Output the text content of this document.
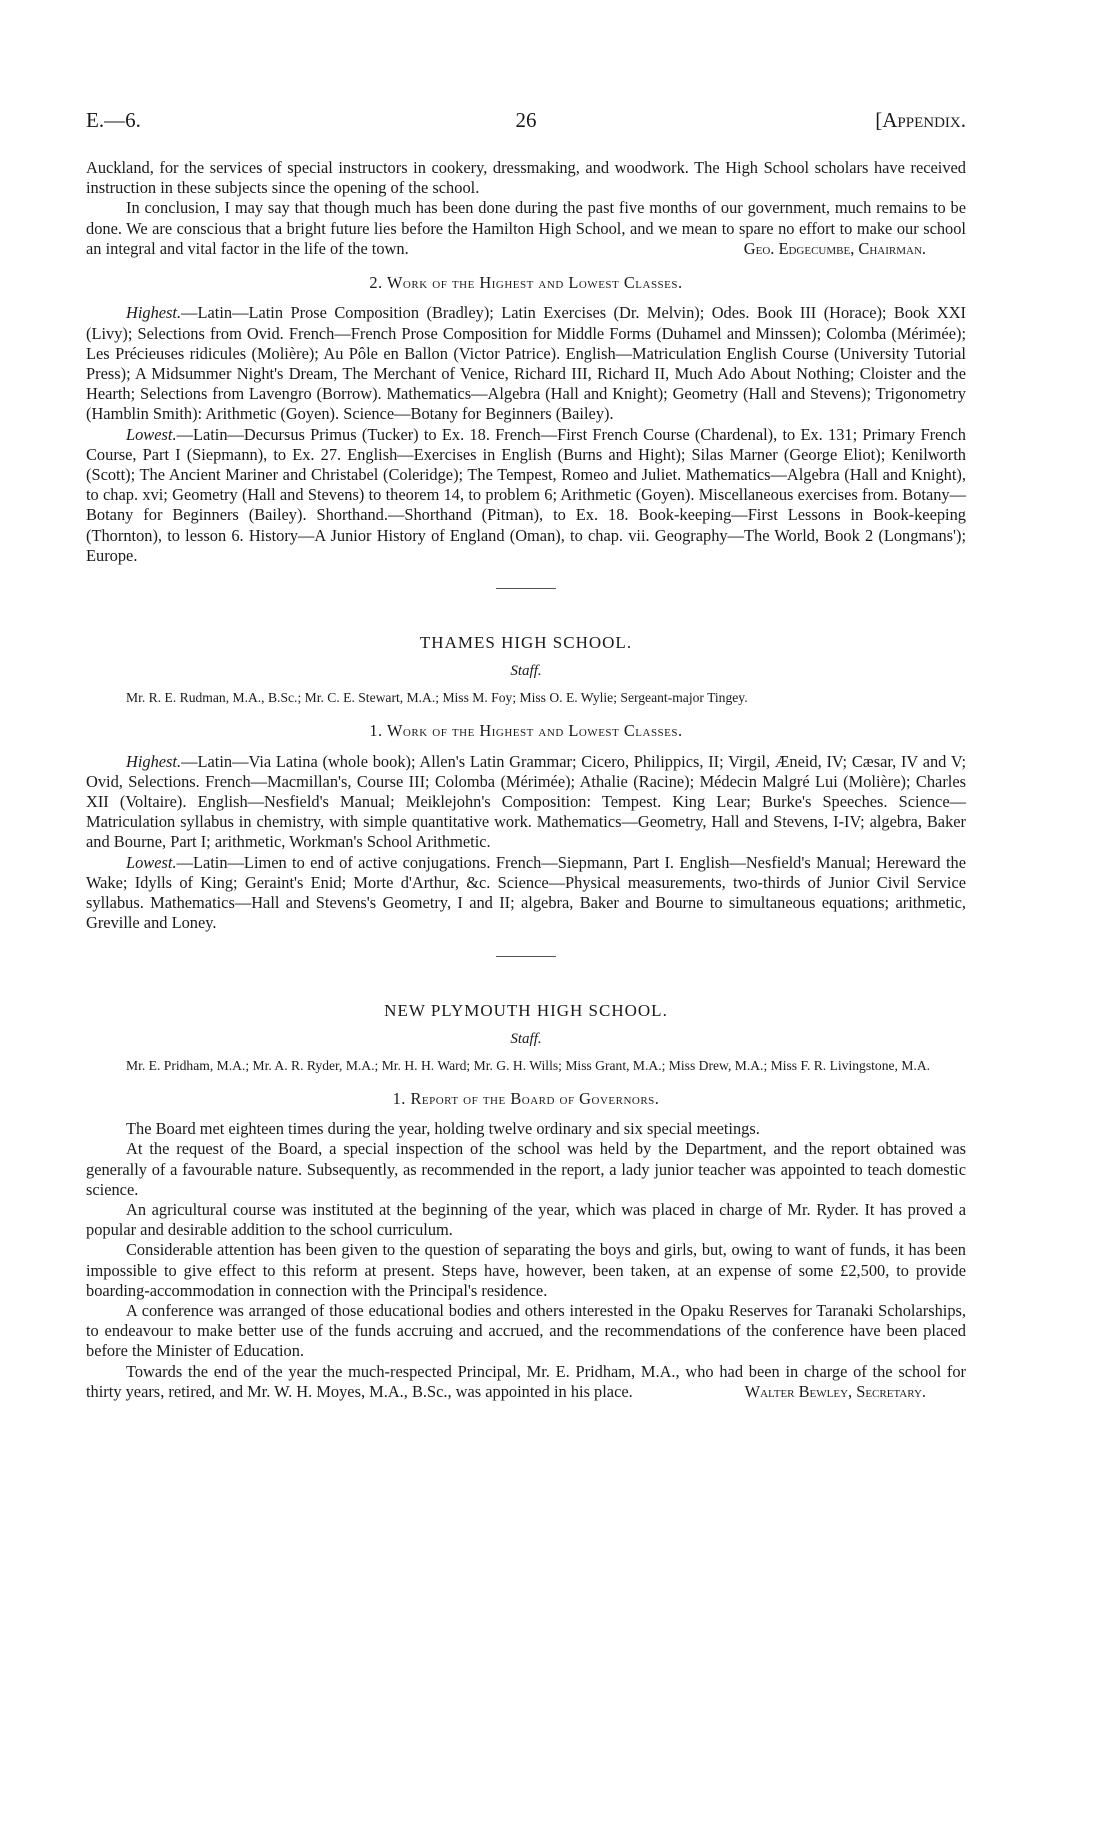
26
E.—6.	[Appendix.

Auckland, for the services of special instructors in cookery, dressmaking, and woodwork. The High School scholars have received instruction in these subjects since the opening of the school.

In conclusion, I may say that though much has been done during the past five months of our government, much remains to be done. We are conscious that a bright future lies before the Hamilton High School, and we mean to spare no effort to make our school an integral and vital factor in the life of the town.	Geo. Edgecumbe, Chairman.

2. Work of the Highest and Lowest Classes.

Highest.—Latin—Latin Prose Composition (Bradley); Latin Exercises (Dr. Melvin); Odes. Book III (Horace); Book XXI (Livy); Selections from Ovid. French—French Prose Composition for Middle Forms (Duhamel and Minssen); Colomba (Mérimée); Les Précieuses ridicules (Molière); Au Pôle en Ballon (Victor Patrice). English—Matriculation English Course (University Tutorial Press); A Midsummer Night's Dream, The Merchant of Venice, Richard III, Richard II, Much Ado About Nothing; Cloister and the Hearth; Selections from Lavengro (Borrow). Mathematics—Algebra (Hall and Knight); Geometry (Hall and Stevens); Trigonometry (Hamblin Smith): Arithmetic (Goyen). Science—Botany for Beginners (Bailey).

Lowest.—Latin—Decursus Primus (Tucker) to Ex. 18. French—First French Course (Chardenal), to Ex. 131; Primary French Course, Part I (Siepmann), to Ex. 27. English—Exercises in English (Burns and Hight); Silas Marner (George Eliot); Kenilworth (Scott); The Ancient Mariner and Christabel (Coleridge); The Tempest, Romeo and Juliet. Mathematics—Algebra (Hall and Knight), to chap. xvi; Geometry (Hall and Stevens) to theorem 14, to problem 6; Arithmetic (Goyen). Miscellaneous exercises from. Botany—Botany for Beginners (Bailey). Shorthand.—Shorthand (Pitman), to Ex. 18. Book-keeping—First Lessons in Book-keeping (Thornton), to lesson 6. History—A Junior History of England (Oman), to chap. vii. Geography—The World, Book 2 (Longmans'); Europe.

THAMES HIGH SCHOOL.
Staff.

Mr. R. E. Rudman, M.A., B.Sc.; Mr. C. E. Stewart, M.A.; Miss M. Foy; Miss O. E. Wylie; Sergeant-major Tingey.

1. Work of the Highest and Lowest Classes.

Highest.—Latin—Via Latina (whole book); Allen's Latin Grammar; Cicero, Philippics, II; Virgil, Æneid, IV; Cæsar, IV and V; Ovid, Selections. French—Macmillan's, Course III; Colomba (Mérimée); Athalie (Racine); Médecin Malgré Lui (Molière); Charles XII (Voltaire). English—Nesfield's Manual; Meiklejohn's Composition: Tempest. King Lear; Burke's Speeches. Science—Matriculation syllabus in chemistry, with simple quantitative work. Mathematics—Geometry, Hall and Stevens, I-IV; algebra, Baker and Bourne, Part I; arithmetic, Workman's School Arithmetic.

Lowest.—Latin—Limen to end of active conjugations. French—Siepmann, Part I. English—Nesfield's Manual; Hereward the Wake; Idylls of King; Geraint's Enid; Morte d'Arthur, &c. Science—Physical measurements, two-thirds of Junior Civil Service syllabus. Mathematics—Hall and Stevens's Geometry, I and II; algebra, Baker and Bourne to simultaneous equations; arithmetic, Greville and Loney.

NEW PLYMOUTH HIGH SCHOOL.
Staff.

Mr. E. Pridham, M.A.; Mr. A. R. Ryder, M.A.; Mr. H. H. Ward; Mr. G. H. Wills; Miss Grant, M.A.; Miss Drew, M.A.; Miss F. R. Livingstone, M.A.

1. Report of the Board of Governors.

The Board met eighteen times during the year, holding twelve ordinary and six special meetings.

At the request of the Board, a special inspection of the school was held by the Department, and the report obtained was generally of a favourable nature. Subsequently, as recommended in the report, a lady junior teacher was appointed to teach domestic science.

An agricultural course was instituted at the beginning of the year, which was placed in charge of Mr. Ryder. It has proved a popular and desirable addition to the school curriculum.

Considerable attention has been given to the question of separating the boys and girls, but, owing to want of funds, it has been impossible to give effect to this reform at present. Steps have, however, been taken, at an expense of some £2,500, to provide boarding-accommodation in connection with the Principal's residence.

A conference was arranged of those educational bodies and others interested in the Opaku Reserves for Taranaki Scholarships, to endeavour to make better use of the funds accruing and accrued, and the recommendations of the conference have been placed before the Minister of Education.

Towards the end of the year the much-respected Principal, Mr. E. Pridham, M.A., who had been in charge of the school for thirty years, retired, and Mr. W. H. Moyes, M.A., B.Sc., was appointed in his place.	Walter Bewley, Secretary.
